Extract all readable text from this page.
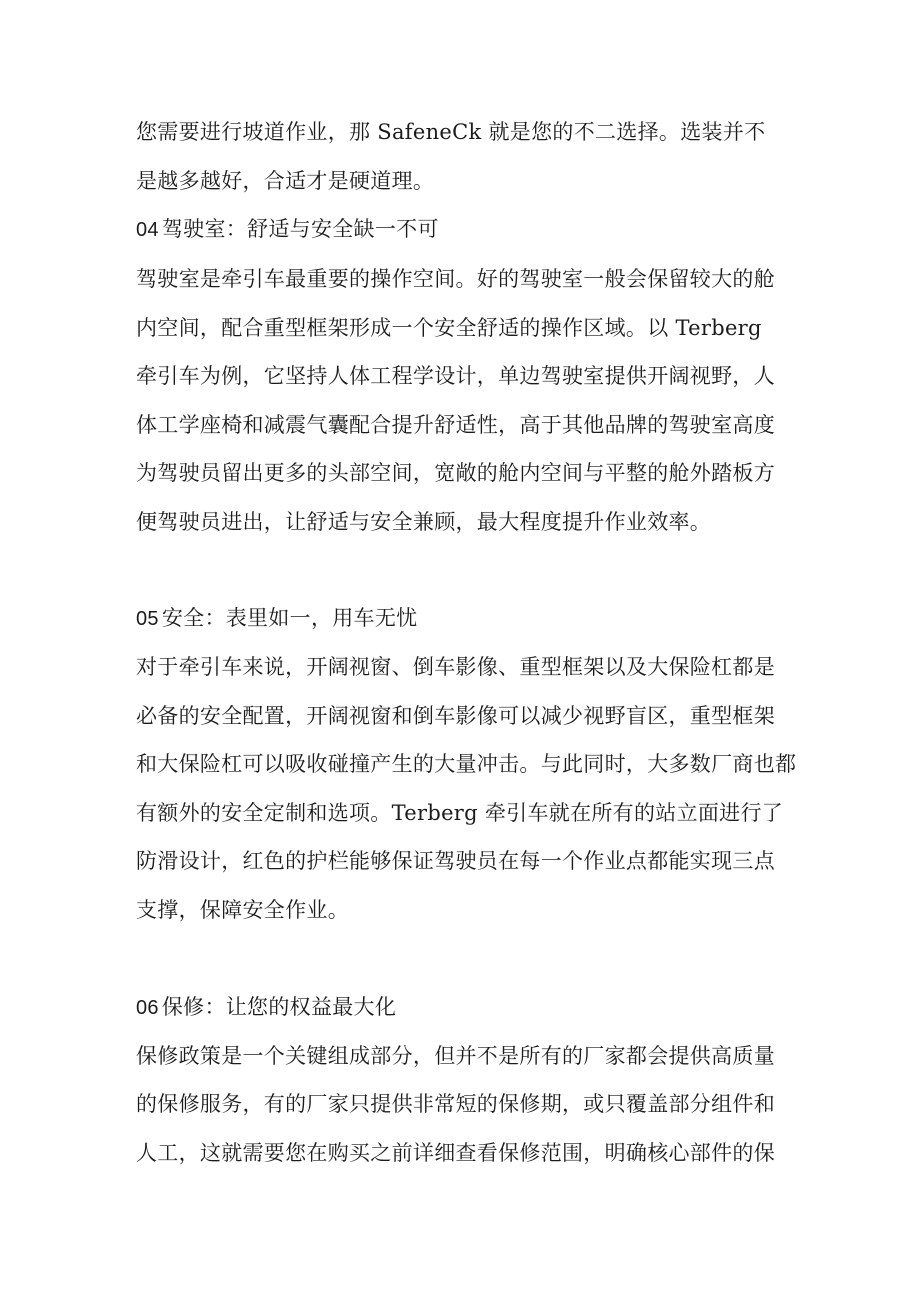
您需要进行坡道作业，那 SafeneCk 就是您的不二选择。选装并不
是越多越好，合适才是硬道理。
04 驾驶室：舒适与安全缺一不可
驾驶室是牵引车最重要的操作空间。好的驾驶室一般会保留较大的舱
内空间，配合重型框架形成一个安全舒适的操作区域。以 Terberg
牵引车为例，它坚持人体工程学设计，单边驾驶室提供开阔视野，人
体工学座椅和减震气囊配合提升舒适性，高于其他品牌的驾驶室高度
为驾驶员留出更多的头部空间，宽敞的舱内空间与平整的舱外踏板方
便驾驶员进出，让舒适与安全兼顾，最大程度提升作业效率。
05 安全：表里如一，用车无忧
对于牵引车来说，开阔视窗、倒车影像、重型框架以及大保险杠都是
必备的安全配置，开阔视窗和倒车影像可以减少视野盲区，重型框架
和大保险杠可以吸收碰撞产生的大量冲击。与此同时，大多数厂商也都
有额外的安全定制和选项。Terberg 牵引车就在所有的站立面进行了
防滑设计，红色的护栏能够保证驾驶员在每一个作业点都能实现三点
支撑，保障安全作业。
06 保修：让您的权益最大化
保修政策是一个关键组成部分，但并不是所有的厂家都会提供高质量
的保修服务，有的厂家只提供非常短的保修期，或只覆盖部分组件和
人工，这就需要您在购买之前详细查看保修范围，明确核心部件的保
